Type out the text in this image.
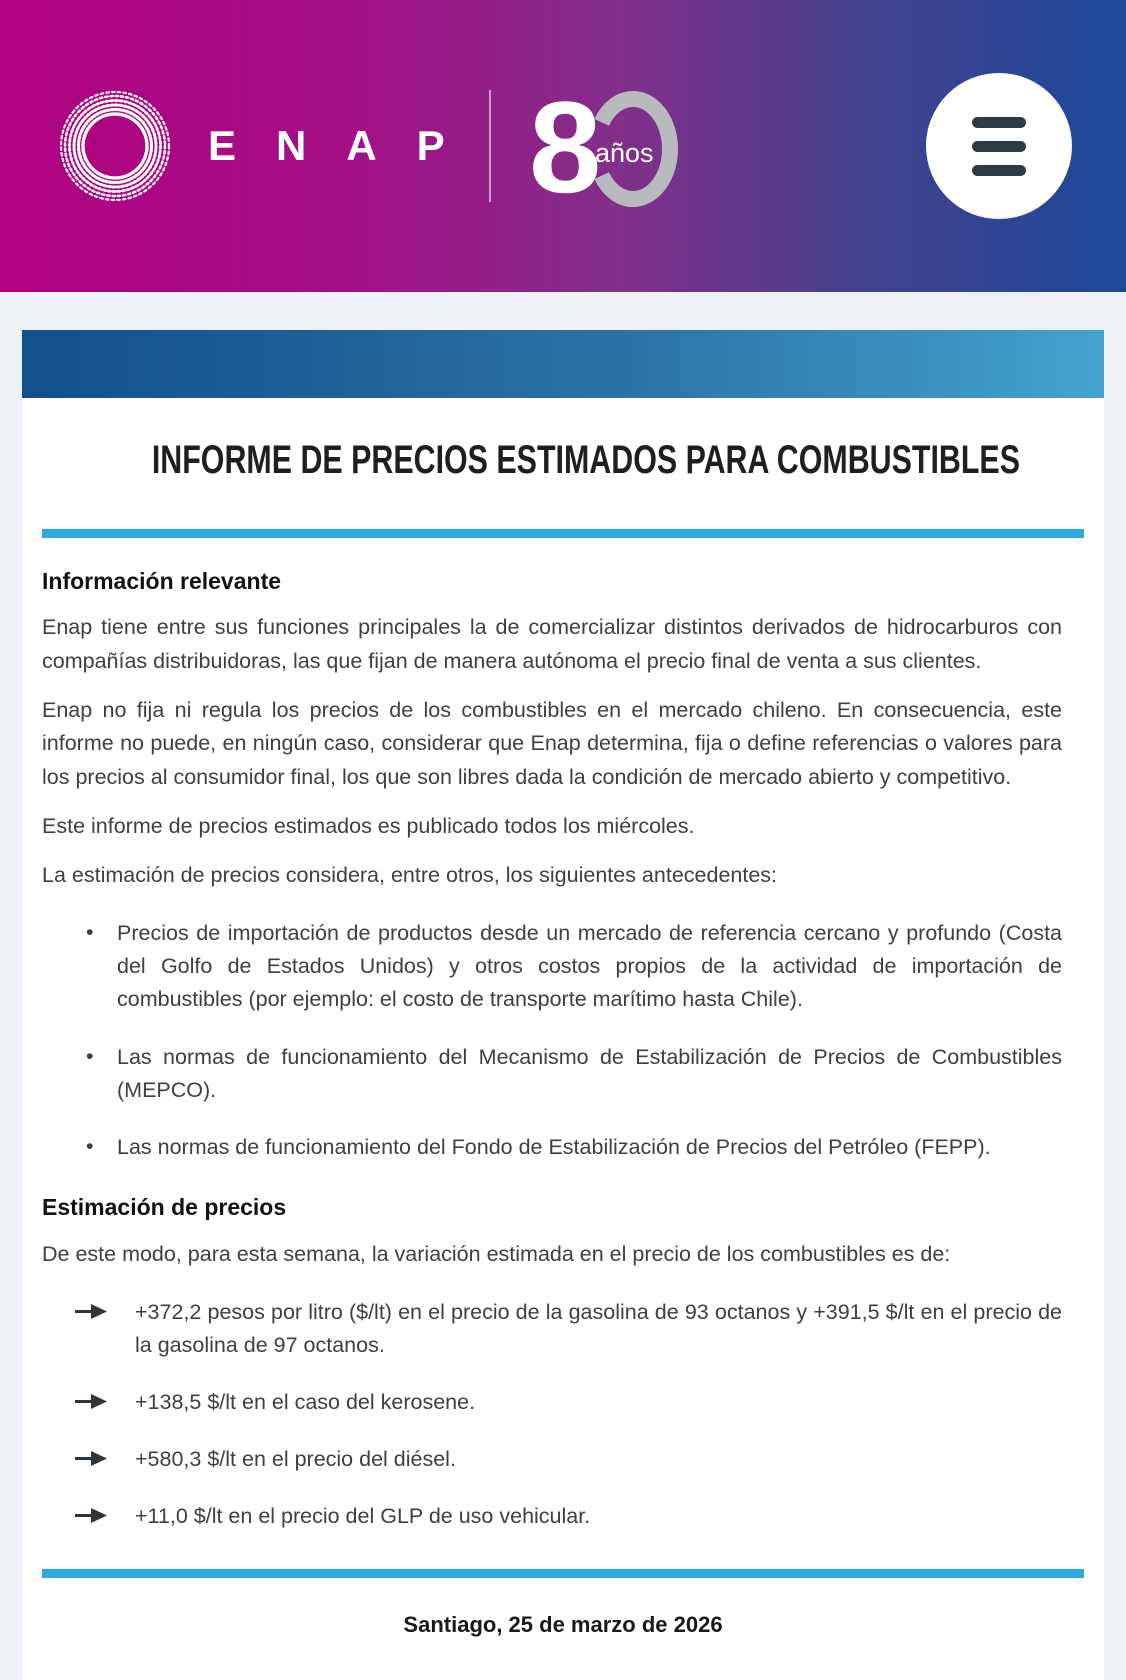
ENAP 8
años
INFORME DE PRECIOS ESTIMADOS PARA COMBUSTIBLES
Información relevante

Enap tiene entre sus funciones principales la de comercializar distintos derivados de hidrocarburos con compañías distribuidoras, las que fijan de manera autónoma el precio final de venta a sus clientes.

Enap no fija ni regula los precios de los combustibles en el mercado chileno. En consecuencia, este informe no puede, en ningún caso, considerar que Enap determina, fija o define referencias o valores para los precios al consumidor final, los que son libres dada la condición de mercado abierto y competitivo.

Este informe de precios estimados es publicado todos los miércoles.

La estimación de precios considera, entre otros, los siguientes antecedentes:

• Precios de importación de productos desde un mercado de referencia cercano y profundo (Costa del Golfo de Estados Unidos) y otros costos propios de la actividad de importación de combustibles (por ejemplo: el costo de transporte marítimo hasta Chile).
• Las normas de funcionamiento del Mecanismo de Estabilización de Precios de Combustibles (MEPCO).
• Las normas de funcionamiento del Fondo de Estabilización de Precios del Petróleo (FEPP).
Estimación de precios

De este modo, para esta semana, la variación estimada en el precio de los combustibles es de:

+372,2 pesos por litro ($/lt) en el precio de la gasolina de 93 octanos y +391,5 $/lt en el precio de la gasolina de 97 octanos.
+138,5 $/lt en el caso del kerosene.
+580,3 $/lt en el precio del diésel.
+11,0 $/lt en el precio del GLP de uso vehicular.
Santiago, 25 de marzo de 2026
